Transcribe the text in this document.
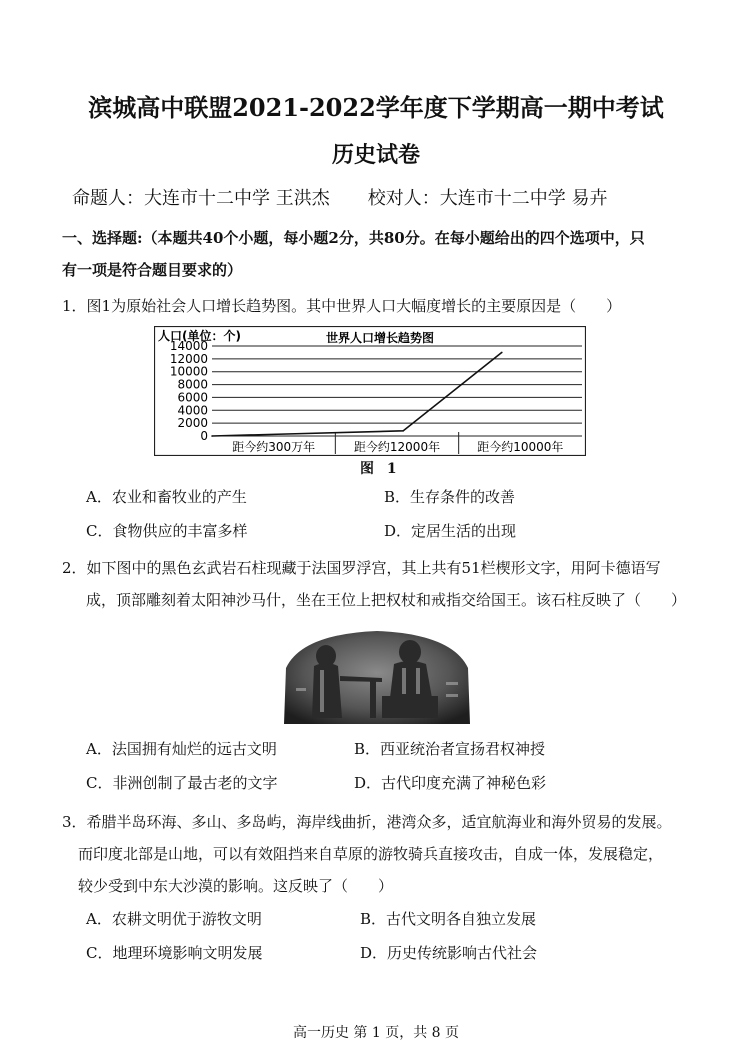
滨城高中联盟2021-2022学年度下学期高一期中考试
历史试卷
命题人：大连市十二中学 王洪杰 校对人：大连市十二中学 易卉
一、选择题:（本题共40个小题，每小题2分，共80分。在每小题给出的四个选项中，只
有一项是符合题目要求的）
1．图1为原始社会人口增长趋势图。其中世界人口大幅度增长的主要原因是（　　）
人口(单位：个)	世界人口增长趋势图
0
2000
4000
6000
8000
10000
12000
14000
距今约300万年	距今约12000年	距今约10000年
图 1
A．农业和畜牧业的产生	B．生存条件的改善
C．食物供应的丰富多样	D．定居生活的出现
2．如下图中的黑色玄武岩石柱现藏于法国罗浮宫，其上共有51栏楔形文字，用阿卡德语写
成，顶部雕刻着太阳神沙马什，坐在王位上把权杖和戒指交给国王。该石柱反映了（　　）
A．法国拥有灿烂的远古文明	B．西亚统治者宣扬君权神授
C．非洲创制了最古老的文字	D．古代印度充满了神秘色彩
3．希腊半岛环海、多山、多岛屿，海岸线曲折，港湾众多，适宜航海业和海外贸易的发展。
而印度北部是山地，可以有效阻挡来自草原的游牧骑兵直接攻击，自成一体，发展稳定，
较少受到中东大沙漠的影响。这反映了（　　）
A．农耕文明优于游牧文明	B．古代文明各自独立发展
C．地理环境影响文明发展	D．历史传统影响古代社会
高一历史 第 1 页，共 8 页
